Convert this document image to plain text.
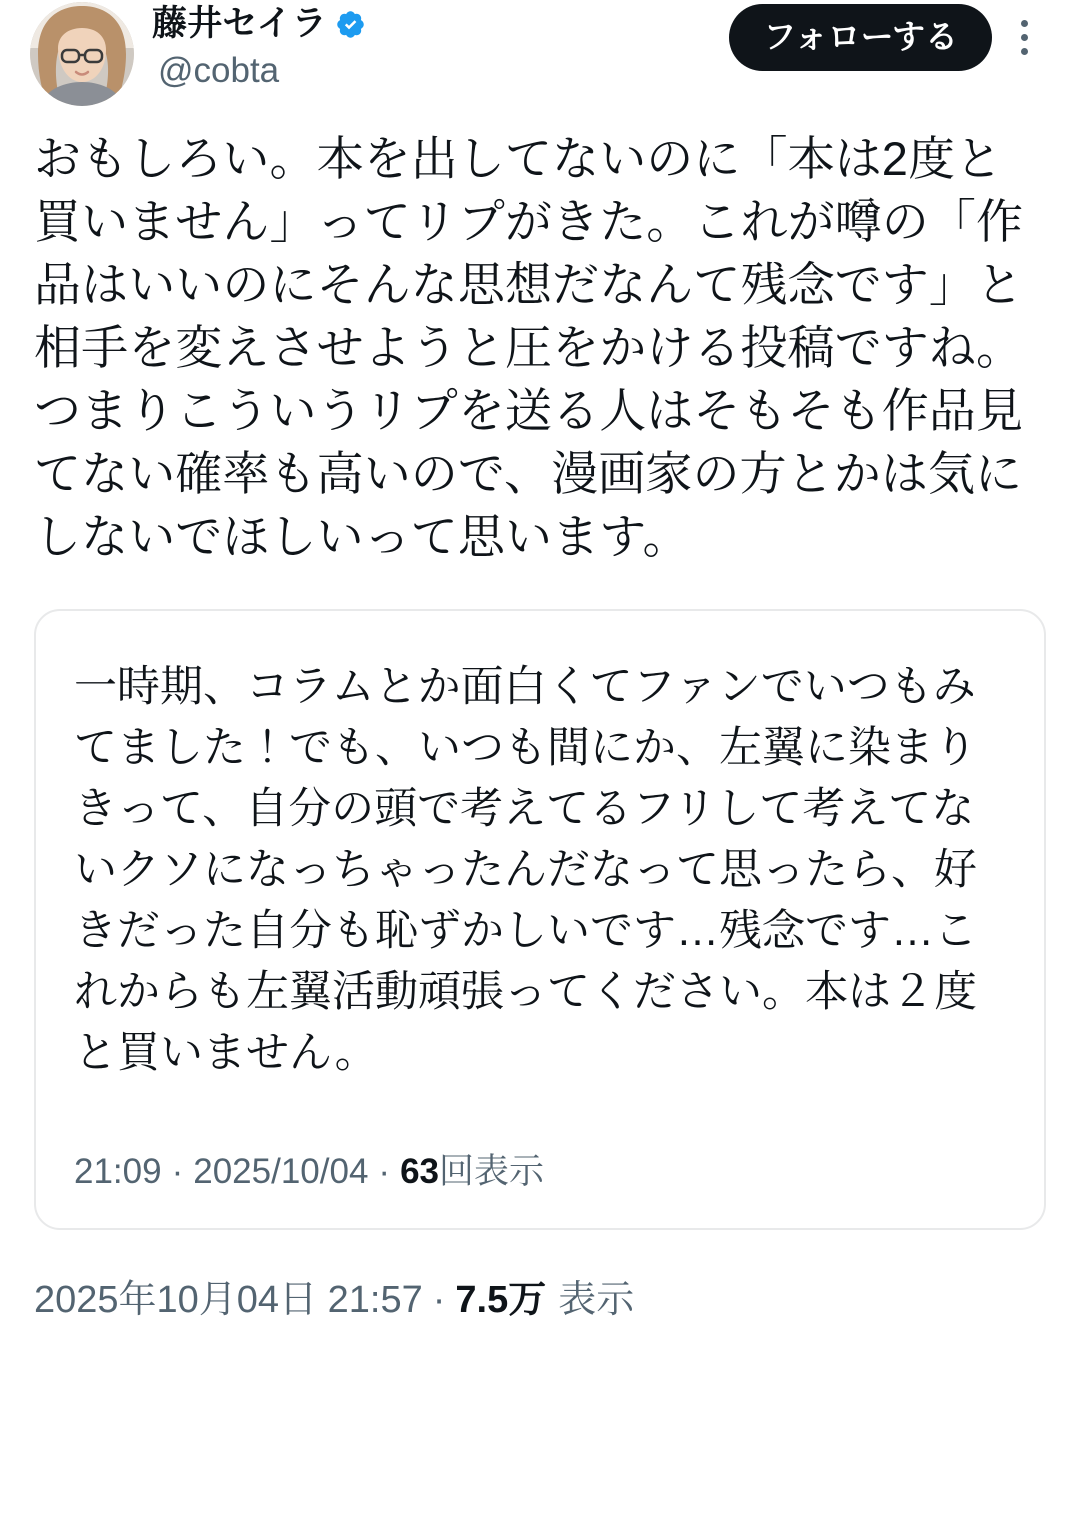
藤井セイラ
@cobta
フォローする
おもしろい。本を出してないのに「本は2度と買いません」ってリプがきた。これが噂の「作品はいいのにそんな思想だなんて残念です」と相手を変えさせようと圧をかける投稿ですね。つまりこういうリプを送る人はそもそも作品見てない確率も高いので、漫画家の方とかは気にしないでほしいって思います。
一時期、コラムとか面白くてファンでいつもみてました！でも、いつも間にか、左翼に染まりきって、自分の頭で考えてるフリして考えてないクソになっちゃったんだなって思ったら、好きだった自分も恥ずかしいです…残念です…これからも左翼活動頑張ってください。本は２度と買いません。
21:09 · 2025/10/04 · 63 回表示
2025年10月04日 21:57 · 7.5万 表示
